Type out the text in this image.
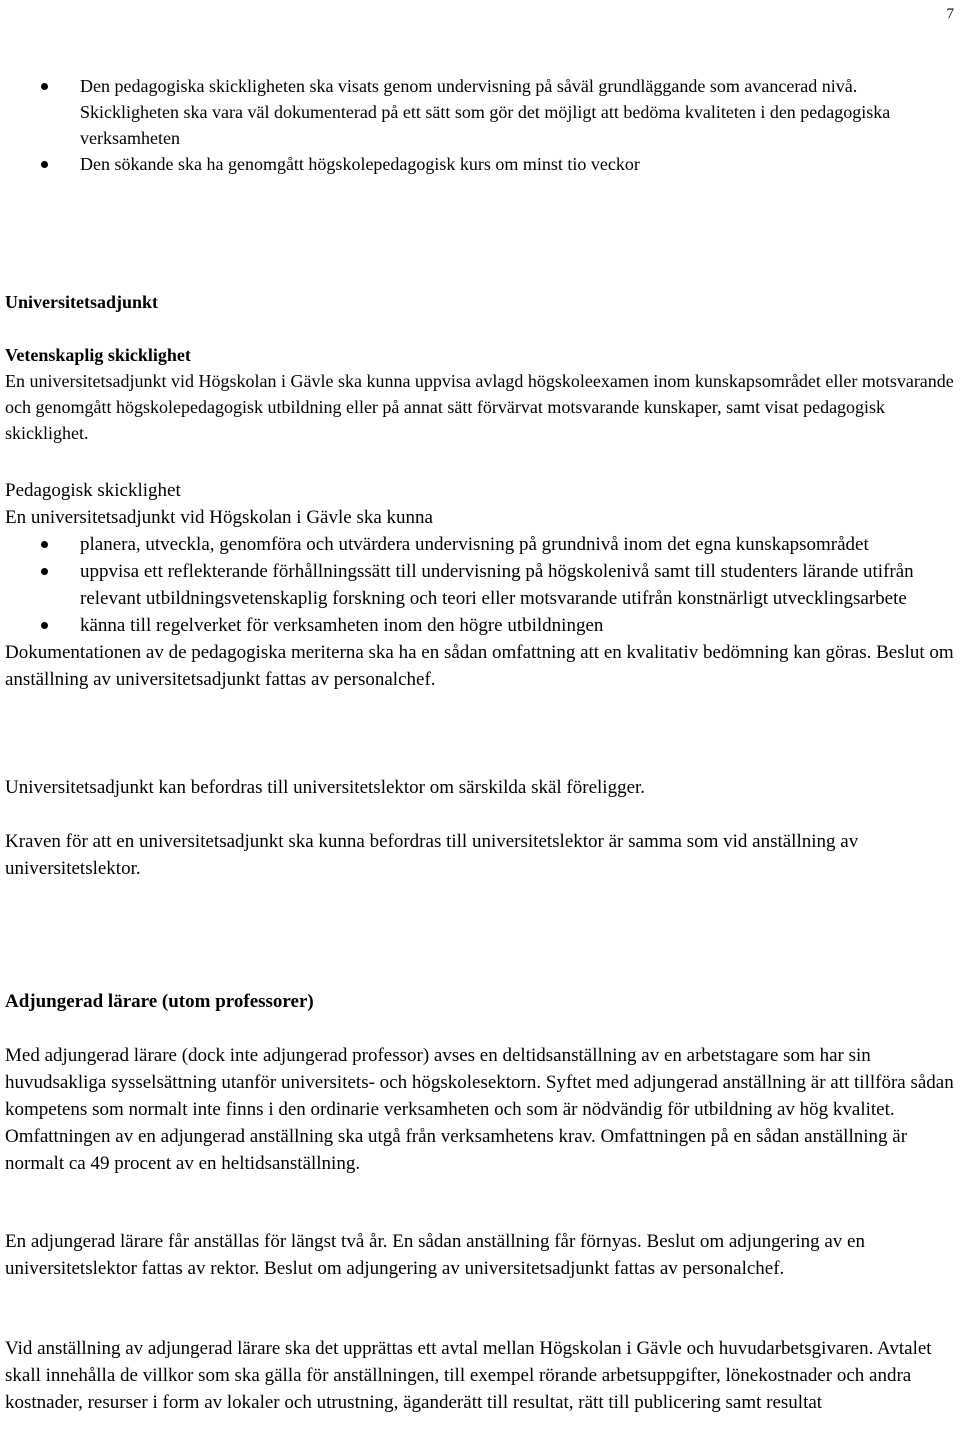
7
Den pedagogiska skickligheten ska visats genom undervisning på såväl grundläggande som avancerad nivå. Skickligheten ska vara väl dokumenterad på ett sätt som gör det möjligt att bedöma kvaliteten i den pedagogiska verksamheten
Den sökande ska ha genomgått högskolepedagogisk kurs om minst tio veckor
Universitetsadjunkt
Vetenskaplig skicklighet

En universitetsadjunkt vid Högskolan i Gävle ska kunna uppvisa avlagd högskoleexamen inom kunskapsområdet eller motsvarande och genomgått högskolepedagogisk utbildning eller på annat sätt förvärvat motsvarande kunskaper, samt visat pedagogisk skicklighet.

Pedagogisk skicklighet

En universitetsadjunkt vid Högskolan i Gävle ska kunna

planera, utveckla, genomföra och utvärdera undervisning på grundnivå inom det egna kunskapsområdet
uppvisa ett reflekterande förhållningssätt till undervisning på högskolenivå samt till studenters lärande utifrån relevant utbildningsvetenskaplig forskning och teori eller motsvarande utifrån konstnärligt utvecklingsarbete
känna till regelverket för verksamheten inom den högre utbildningen

Dokumentationen av de pedagogiska meriterna ska ha en sådan omfattning att en kvalitativ bedömning kan göras. Beslut om anställning av universitetsadjunkt fattas av personalchef.

Universitetsadjunkt kan befordras till universitetslektor om särskilda skäl föreligger.

Kraven för att en universitetsadjunkt ska kunna befordras till universitetslektor är samma som vid anställning av universitetslektor.

Adjungerad lärare (utom professorer)

Med adjungerad lärare (dock inte adjungerad professor) avses en deltidsanställning av en arbetstagare som har sin huvudsakliga sysselsättning utanför universitets- och högskolesektorn. Syftet med adjungerad anställning är att tillföra sådan kompetens som normalt inte finns i den ordinarie verksamheten och som är nödvändig för utbildning av hög kvalitet. Omfattningen av en adjungerad anställning ska utgå från verksamhetens krav. Omfattningen på en sådan anställning är normalt ca 49 procent av en heltidsanställning.

En adjungerad lärare får anställas för längst två år. En sådan anställning får förnyas. Beslut om adjungering av en universitetslektor fattas av rektor. Beslut om adjungering av universitetsadjunkt fattas av personalchef.

Vid anställning av adjungerad lärare ska det upprättas ett avtal mellan Högskolan i Gävle och huvudarbetsgivaren. Avtalet skall innehålla de villkor som ska gälla för anställningen, till exempel rörande arbetsuppgifter, lönekostnader och andra kostnader, resurser i form av lokaler och utrustning, äganderätt till resultat, rätt till publicering samt resultat
